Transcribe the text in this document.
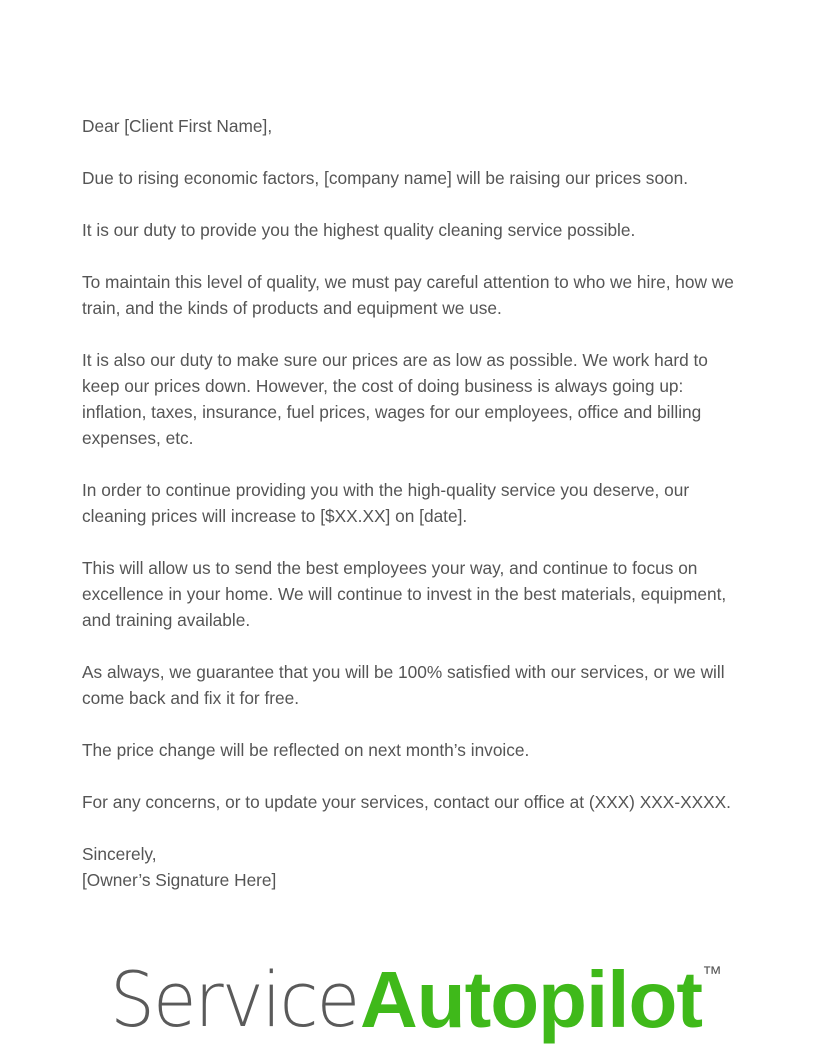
Dear [Client First Name],

Due to rising economic factors, [company name] will be raising our prices soon.

It is our duty to provide you the highest quality cleaning service possible.

To maintain this level of quality, we must pay careful attention to who we hire, how we train, and the kinds of products and equipment we use.

It is also our duty to make sure our prices are as low as possible. We work hard to keep our prices down. However, the cost of doing business is always going up: inflation, taxes, insurance, fuel prices, wages for our employees, office and billing expenses, etc.

In order to continue providing you with the high-quality service you deserve, our cleaning prices will increase to [$XX.XX] on [date].

This will allow us to send the best employees your way, and continue to focus on excellence in your home. We will continue to invest in the best materials, equipment, and training available.

As always, we guarantee that you will be 100% satisfied with our services, or we will come back and fix it for free.

The price change will be reflected on next month’s invoice.

For any concerns, or to update your services, contact our office at (XXX) XXX-XXXX.

Sincerely,

[Owner’s Signature Here]

Service Autopilot ™
